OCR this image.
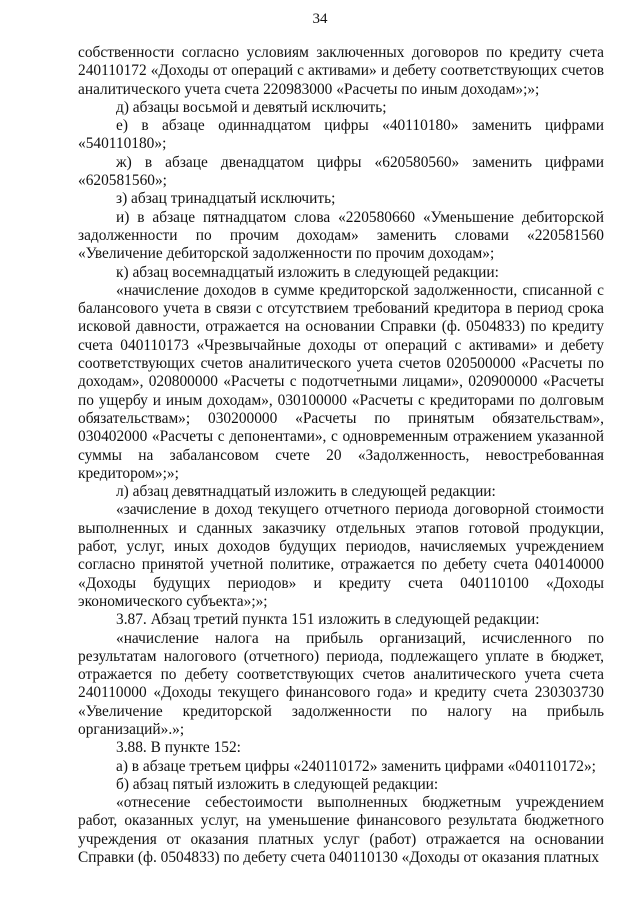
34

собственности согласно условиям заключенных договоров по кредиту счета 240110172 «Доходы от операций с активами» и дебету соответствующих счетов аналитического учета счета 220983000 «Расчеты по иным доходам»;»;

д) абзацы восьмой и девятый исключить;

е) в абзаце одиннадцатом цифры «40110180» заменить цифрами «540110180»;

ж) в абзаце двенадцатом цифры «620580560» заменить цифрами «620581560»;

з) абзац тринадцатый исключить;

и) в абзаце пятнадцатом слова «220580660 «Уменьшение дебиторской задолженности по прочим доходам» заменить словами «220581560 «Увеличение дебиторской задолженности по прочим доходам»;

к) абзац восемнадцатый изложить в следующей редакции:

«начисление доходов в сумме кредиторской задолженности, списанной с балансового учета в связи с отсутствием требований кредитора в период срока исковой давности, отражается на основании Справки (ф. 0504833) по кредиту счета 040110173 «Чрезвычайные доходы от операций с активами» и дебету соответствующих счетов аналитического учета счетов 020500000 «Расчеты по доходам», 020800000 «Расчеты с подотчетными лицами», 020900000 «Расчеты по ущербу и иным доходам», 030100000 «Расчеты с кредиторами по долговым обязательствам»; 030200000 «Расчеты по принятым обязательствам», 030402000 «Расчеты с депонентами», с одновременным отражением указанной суммы на забалансовом счете 20 «Задолженность, невостребованная кредитором»;»;

л) абзац девятнадцатый изложить в следующей редакции:

«зачисление в доход текущего отчетного периода договорной стоимости выполненных и сданных заказчику отдельных этапов готовой продукции, работ, услуг, иных доходов будущих периодов, начисляемых учреждением согласно принятой учетной политике, отражается по дебету счета 040140000 «Доходы будущих периодов» и кредиту счета 040110100 «Доходы экономического субъекта»;»;

3.87. Абзац третий пункта 151 изложить в следующей редакции:

«начисление налога на прибыль организаций, исчисленного по результатам налогового (отчетного) периода, подлежащего уплате в бюджет, отражается по дебету соответствующих счетов аналитического учета счета 240110000 «Доходы текущего финансового года» и кредиту счета 230303730 «Увеличение кредиторской задолженности по налогу на прибыль организаций».»;

3.88. В пункте 152:

а) в абзаце третьем цифры «240110172» заменить цифрами «040110172»;

б) абзац пятый изложить в следующей редакции:

«отнесение себестоимости выполненных бюджетным учреждением работ, оказанных услуг, на уменьшение финансового результата бюджетного учреждения от оказания платных услуг (работ) отражается на основании Справки (ф. 0504833) по дебету счета 040110130 «Доходы от оказания платных
